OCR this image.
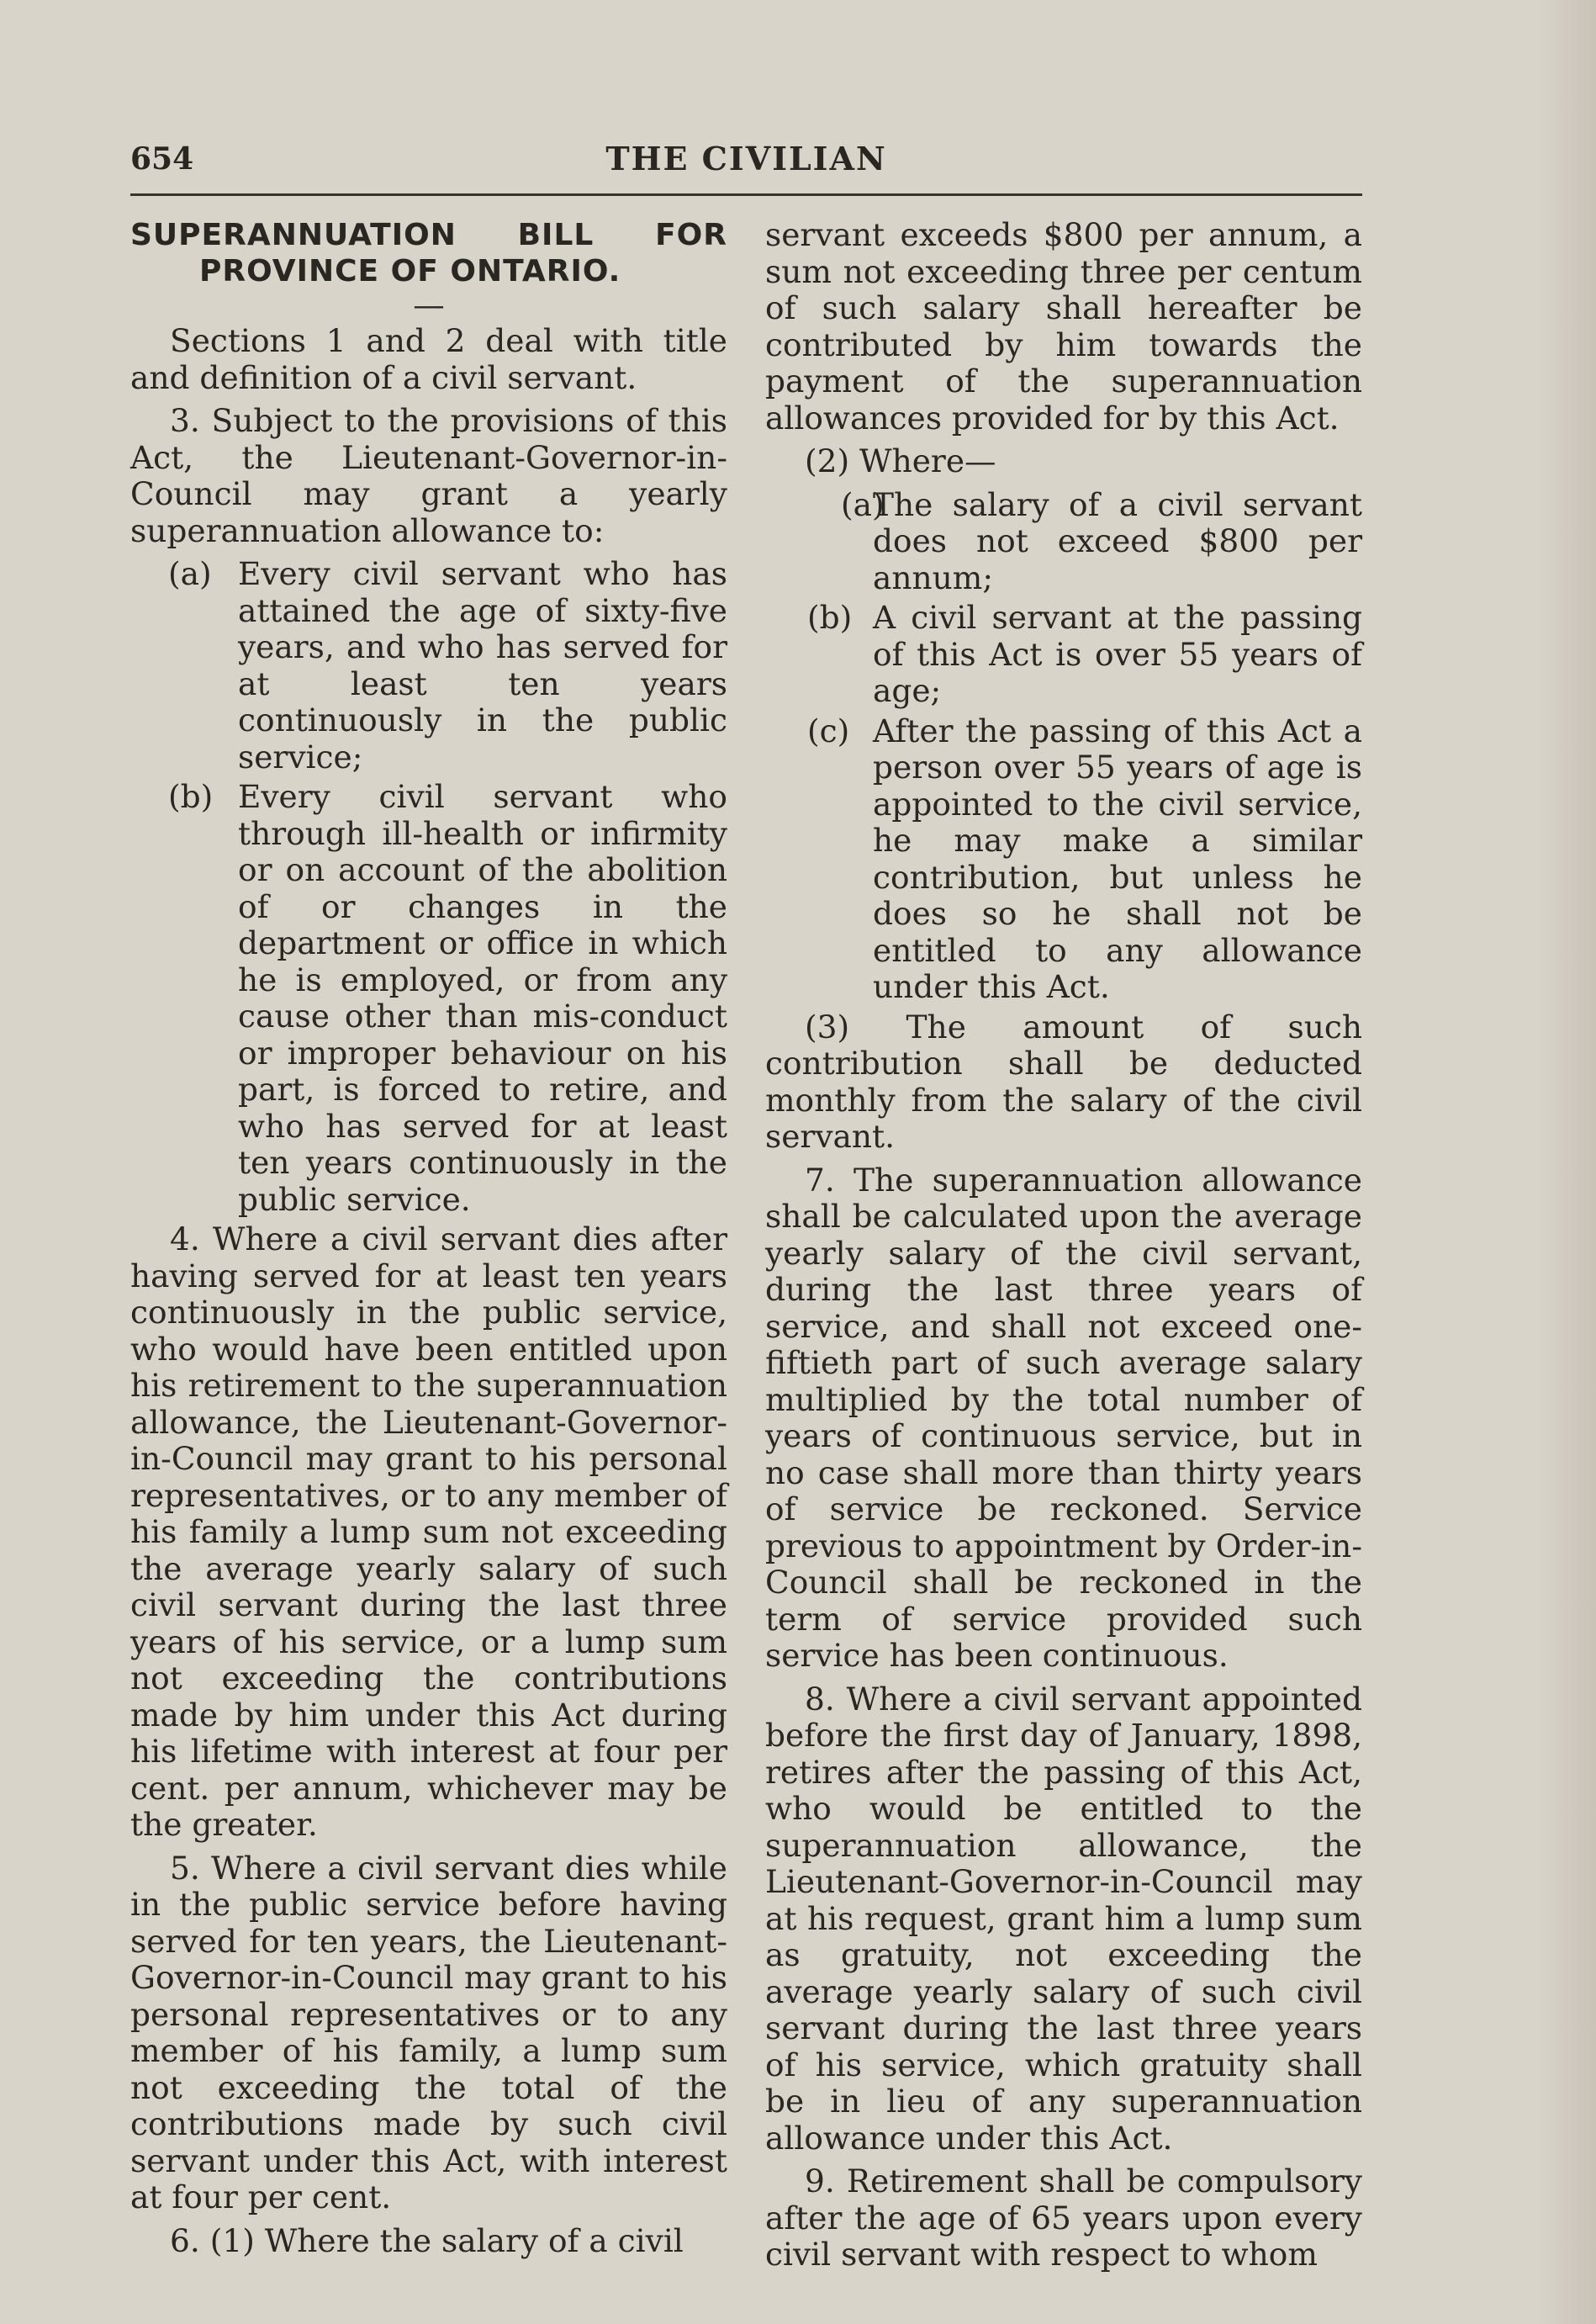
654	THE CIVILIAN
SUPERANNUATION BILL FOR
PROVINCE OF ONTARIO.
—

Sections 1 and 2 deal with title and definition of a civil servant.

3. Subject to the provisions of this Act, the Lieutenant-Governor-in-Council may grant a yearly superannuation allowance to:

(a) Every civil servant who has attained the age of sixty-five years, and who has served for at least ten years continuously in the public service;
(b) Every civil servant who through ill-health or infirmity or on account of the abolition of or changes in the department or office in which he is employed, or from any cause other than mis-conduct or improper behaviour on his part, is forced to retire, and who has served for at least ten years continuously in the public service.

4. Where a civil servant dies after having served for at least ten years continuously in the public service, who would have been entitled upon his retirement to the superannuation allowance, the Lieutenant-Governor-in-Council may grant to his personal representatives, or to any member of his family a lump sum not exceeding the average yearly salary of such civil servant during the last three years of his service, or a lump sum not exceeding the contributions made by him under this Act during his lifetime with interest at four per cent. per annum, whichever may be the greater.

5. Where a civil servant dies while in the public service before having served for ten years, the Lieutenant-Governor-in-Council may grant to his personal representatives or to any member of his family, a lump sum not exceeding the total of the contributions made by such civil servant under this Act, with interest at four per cent.

6. (1) Where the salary of a civil

servant exceeds $800 per annum, a sum not exceeding three per centum of such salary shall hereafter be contributed by him towards the payment of the superannuation allowances provided for by this Act.

(2) Where—

(a)
The salary of a civil servant does not exceed $800 per annum;
(b) A civil servant at the passing of this Act is over 55 years of age;
(c) After the passing of this Act a person over 55 years of age is appointed to the civil service, he may make a similar contribution, but unless he does so he shall not be entitled to any allowance under this Act.

(3) The amount of such contribution shall be deducted monthly from the salary of the civil servant.

7. The superannuation allowance shall be calculated upon the average yearly salary of the civil servant, during the last three years of service, and shall not exceed one-fiftieth part of such average salary multiplied by the total number of years of continuous service, but in no case shall more than thirty years of service be reckoned. Service previous to appointment by Order-in-Council shall be reckoned in the term of service provided such service has been continuous.

8. Where a civil servant appointed before the first day of January, 1898, retires after the passing of this Act, who would be entitled to the superannuation allowance, the Lieutenant-Governor-in-Council may at his request, grant him a lump sum as gratuity, not exceeding the average yearly salary of such civil servant during the last three years of his service, which gratuity shall be in lieu of any superannuation allowance under this Act.

9. Retirement shall be compulsory after the age of 65 years upon every civil servant with respect to whom
